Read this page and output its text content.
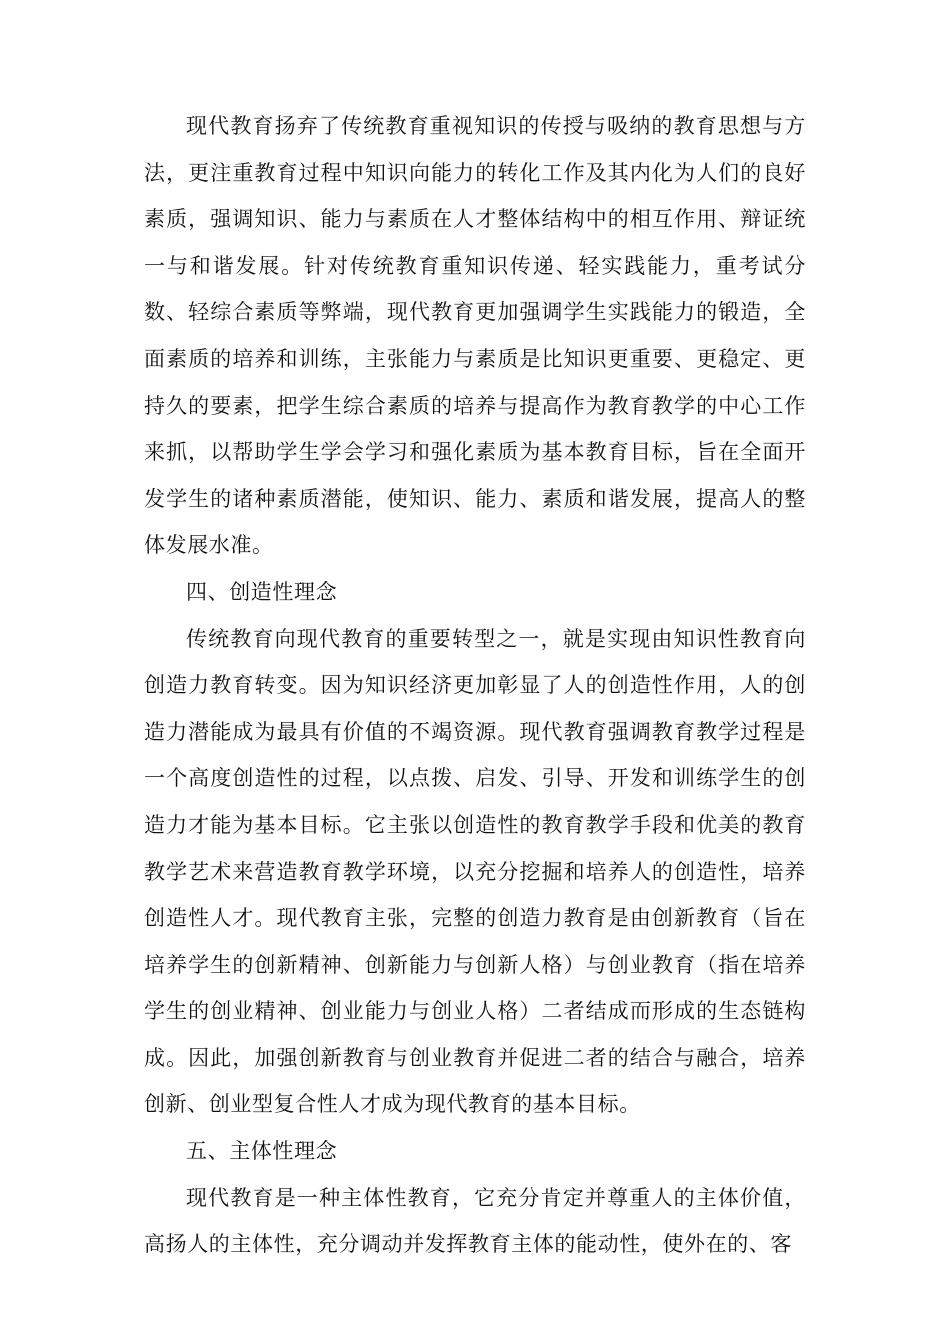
现代教育扬弃了传统教育重视知识的传授与吸纳的教育思想与方法，更注重教育过程中知识向能力的转化工作及其内化为人们的良好素质，强调知识、能力与素质在人才整体结构中的相互作用、辩证统一与和谐发展。针对传统教育重知识传递、轻实践能力，重考试分数、轻综合素质等弊端，现代教育更加强调学生实践能力的锻造，全面素质的培养和训练，主张能力与素质是比知识更重要、更稳定、更持久的要素，把学生综合素质的培养与提高作为教育教学的中心工作来抓，以帮助学生学会学习和强化素质为基本教育目标，旨在全面开发学生的诸种素质潜能，使知识、能力、素质和谐发展，提高人的整体发展水准。

四、创造性理念

传统教育向现代教育的重要转型之一，就是实现由知识性教育向创造力教育转变。因为知识经济更加彰显了人的创造性作用，人的创造力潜能成为最具有价值的不竭资源。现代教育强调教育教学过程是一个高度创造性的过程，以点拨、启发、引导、开发和训练学生的创造力才能为基本目标。它主张以创造性的教育教学手段和优美的教育教学艺术来营造教育教学环境，以充分挖掘和培养人的创造性，培养创造性人才。现代教育主张，完整的创造力教育是由创新教育（旨在培养学生的创新精神、创新能力与创新人格）与创业教育（指在培养学生的创业精神、创业能力与创业人格）二者结成而形成的生态链构成。因此，加强创新教育与创业教育并促进二者的结合与融合，培养创新、创业型复合性人才成为现代教育的基本目标。

五、主体性理念

现代教育是一种主体性教育，它充分肯定并尊重人的主体价值，高扬人的主体性，充分调动并发挥教育主体的能动性，使外在的、客
